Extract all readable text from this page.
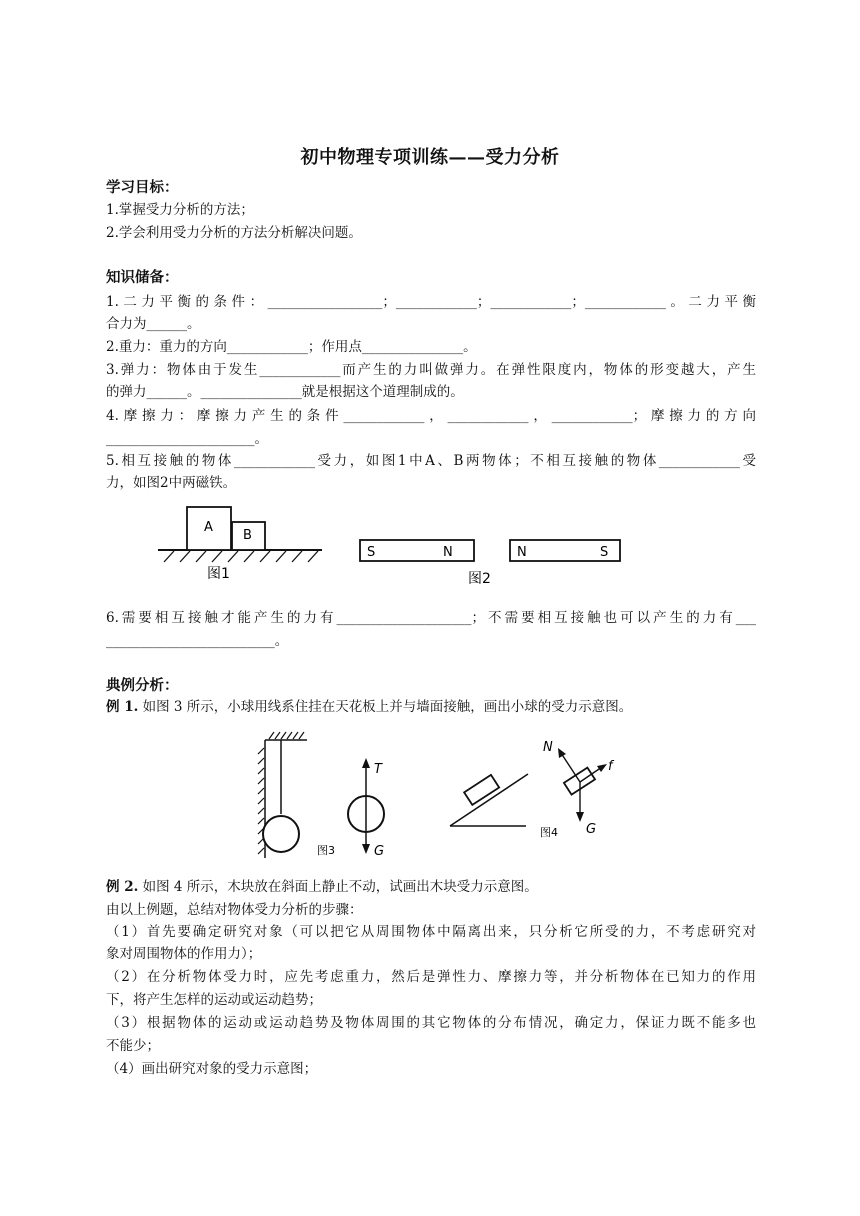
初中物理专项训练——受力分析
学习目标：
1.掌握受力分析的方法；
2.学会利用受力分析的方法分析解决问题。
知识储备：
1.二力平衡的条件：_________________；____________；____________；____________。二力平衡
合力为______。
2.重力：重力的方向____________；作用点_______________。
3.弹力：物体由于发生____________而产生的力叫做弹力。在弹性限度内，物体的形变越大，产生
的弹力______。_______________就是根据这个道理制成的。
4.摩擦力：摩擦力产生的条件____________，____________，____________；摩擦力的方向
______________________。
5.相互接触的物体____________受力，如图1中A、B两物体；不相互接触的物体____________受
力，如图2中两磁铁。
A
B
图1
S	N	N	S
图2
6.需要相互接触才能产生的力有____________________；不需要相互接触也可以产生的力有___
_________________________。
典例分析：
例 1. 如图 3 所示，小球用线系住挂在天花板上并与墙面接触，画出小球的受力示意图。
图3
T
G
图4
N
f
G
例 2. 如图 4 所示，木块放在斜面上静止不动，试画出木块受力示意图。
由以上例题，总结对物体受力分析的步骤：
（1）首先要确定研究对象（可以把它从周围物体中隔离出来，只分析它所受的力，不考虑研究对
象对周围物体的作用力）；
（2）在分析物体受力时，应先考虑重力，然后是弹性力、摩擦力等，并分析物体在已知力的作用
下，将产生怎样的运动或运动趋势；
（3）根据物体的运动或运动趋势及物体周围的其它物体的分布情况，确定力，保证力既不能多也
不能少；
（4）画出研究对象的受力示意图；
